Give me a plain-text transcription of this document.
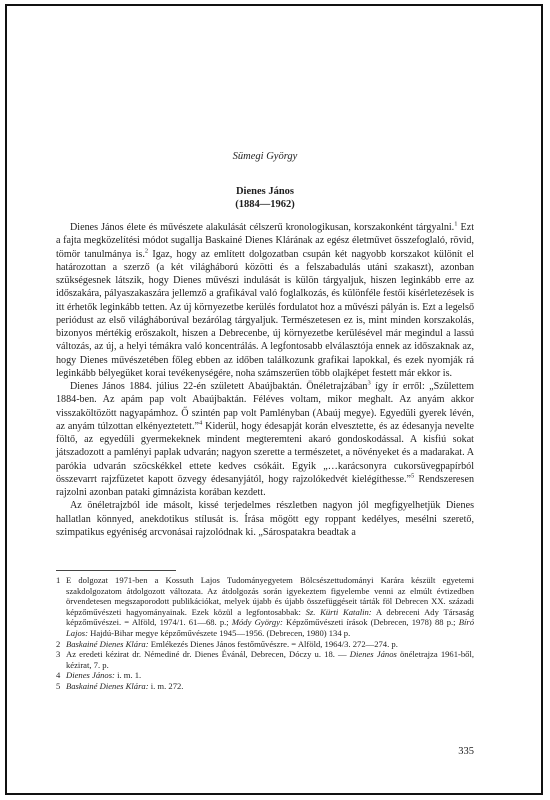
Sümegi György
Dienes János
(1884—1962)

Dienes János élete és művészete alakulását célszerű kronologikusan, korszakonként tárgyalni.$^1$ Ezt a fajta megközelítési módot sugallja Baskainé Dienes Klárának az egész életművet összefoglaló, rövid, tömör tanulmánya is.$^2$ Igaz, hogy az említett dolgozatban csupán két nagyobb korszakot különít el határozottan a szerző (a két világháború közötti és a felszabadulás utáni szakaszt), azonban szükségesnek látszik, hogy Dienes művészi indulását is külön tárgyaljuk, hiszen leginkább erre az időszakára, pályaszakaszára jellemző a grafikával való foglalkozás, és különféle festői kísérletezések is itt érhetők leginkább tetten. Az új környezetbe kerülés fordulatot hoz a művészi pályán is. Ezt a legelső periódust az első világháborúval bezárólag tárgyaljuk. Természetesen ez is, mint minden korszakolás, bizonyos mértékig erőszakolt, hiszen a Debrecenbe, új környezetbe kerülésével már megindul a lassú változás, az új, a helyi témákra való koncentrálás. A legfontosabb elválasztója ennek az időszaknak az, hogy Dienes művészetében főleg ebben az időben találkozunk grafikai lapokkal, és ezek nyomják rá leginkább bélyegüket korai tevékenységére, noha számszerűen több olajképet festett már ekkor is.

Dienes János 1884. július 22-én született Abaújbaktán. Önéletrajzában$^3$ így ír erről: „Születtem 1884-ben. Az apám pap volt Abaújbaktán. Féléves voltam, mikor meghalt. Az anyám akkor visszaköltözött nagyapámhoz. Ő szintén pap volt Pamlényban (Abaúj megye). Egyedüli gyerek lévén, az anyám túlzottan elkényeztetett.”$^4$ Kiderül, hogy édesapját korán elvesztette, és az édesanyja nevelte föltő, az egyedüli gyermekeknek mindent megteremteni akaró gondoskodással. A kisfiú sokat játszadozott a pamlényi paplak udvarán; nagyon szerette a természetet, a növényeket és a madarakat. A parókia udvarán szöcskékkel ettete kedves csókáit. Egyik „…karácsonyra cukorsüvegpapírból összevarrt rajzfüzetet kapott özvegy édesanyjától, hogy rajzolókedvét kielégíthesse.”$^5$ Rendszeresen rajzolni azonban pataki gimnázista korában kezdett.

Az önéletrajzból ide másolt, kissé terjedelmes részletben nagyon jól megfigyelhetjük Dienes hallatlan könnyed, anekdotikus stílusát is. Írása mögött egy roppant kedélyes, mesélni szerető, szimpatikus egyéniség arcvonásai rajzolódnak ki. „Sárospatakra beadtak a

1 E dolgozat 1971-ben a Kossuth Lajos Tudományegyetem Bölcsészettudományi Karára készült egyetemi szakdolgozatom átdolgozott változata. Az átdolgozás során igyekeztem figyelembe venni az elmúlt évtizedben örvendetesen megszaporodott publikációkat, melyek újabb és újabb összefüggéseit tárták föl Debrecen XX. századi képzőművészeti hagyományainak. Ezek közül a legfontosabbak: Sz. Kürti Katalin: A debreceni Ady Társaság képzőművészei. = Alföld, 1974/1. 61—68. p.; Módy György: Képzőművészeti írások (Debrecen, 1978) 88 p.; Bíró Lajos: Hajdú-Bihar megye képzőművészete 1945—1956. (Debrecen, 1980) 134 p.
2 Baskainé Dienes Klára: Emlékezés Dienes János festőművészre. = Alföld, 1964/3. 272—274. p.
3 Az eredeti kézirat dr. Némediné dr. Dienes Évánál, Debrecen, Dóczy u. 18. — Dienes János önéletrajza 1961-ből, kézirat, 7. p.
4 Dienes János: i. m. 1.
5 Baskainé Dienes Klára: i. m. 272.
335
